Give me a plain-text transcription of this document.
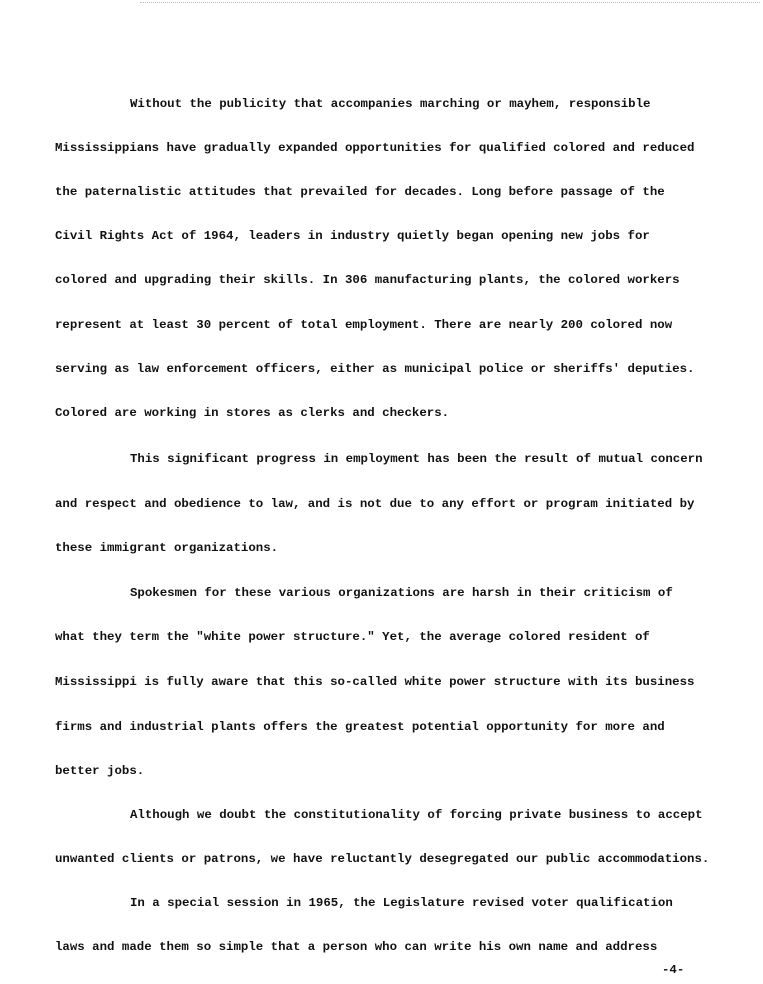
Without the publicity that accompanies marching or mayhem, responsible
Mississippians have gradually expanded opportunities for qualified colored and reduced
the paternalistic attitudes that prevailed for decades. Long before passage of the
Civil Rights Act of 1964, leaders in industry quietly began opening new jobs for
colored and upgrading their skills. In 306 manufacturing plants, the colored workers
represent at least 30 percent of total employment. There are nearly 200 colored now
serving as law enforcement officers, either as municipal police or sheriffs' deputies.
Colored are working in stores as clerks and checkers.
This significant progress in employment has been the result of mutual concern
and respect and obedience to law, and is not due to any effort or program initiated by
these immigrant organizations.
Spokesmen for these various organizations are harsh in their criticism of
what they term the "white power structure." Yet, the average colored resident of
Mississippi is fully aware that this so-called white power structure with its business
firms and industrial plants offers the greatest potential opportunity for more and
better jobs.
Although we doubt the constitutionality of forcing private business to accept
unwanted clients or patrons, we have reluctantly desegregated our public accommodations.
In a special session in 1965, the Legislature revised voter qualification
laws and made them so simple that a person who can write his own name and address
-4-
